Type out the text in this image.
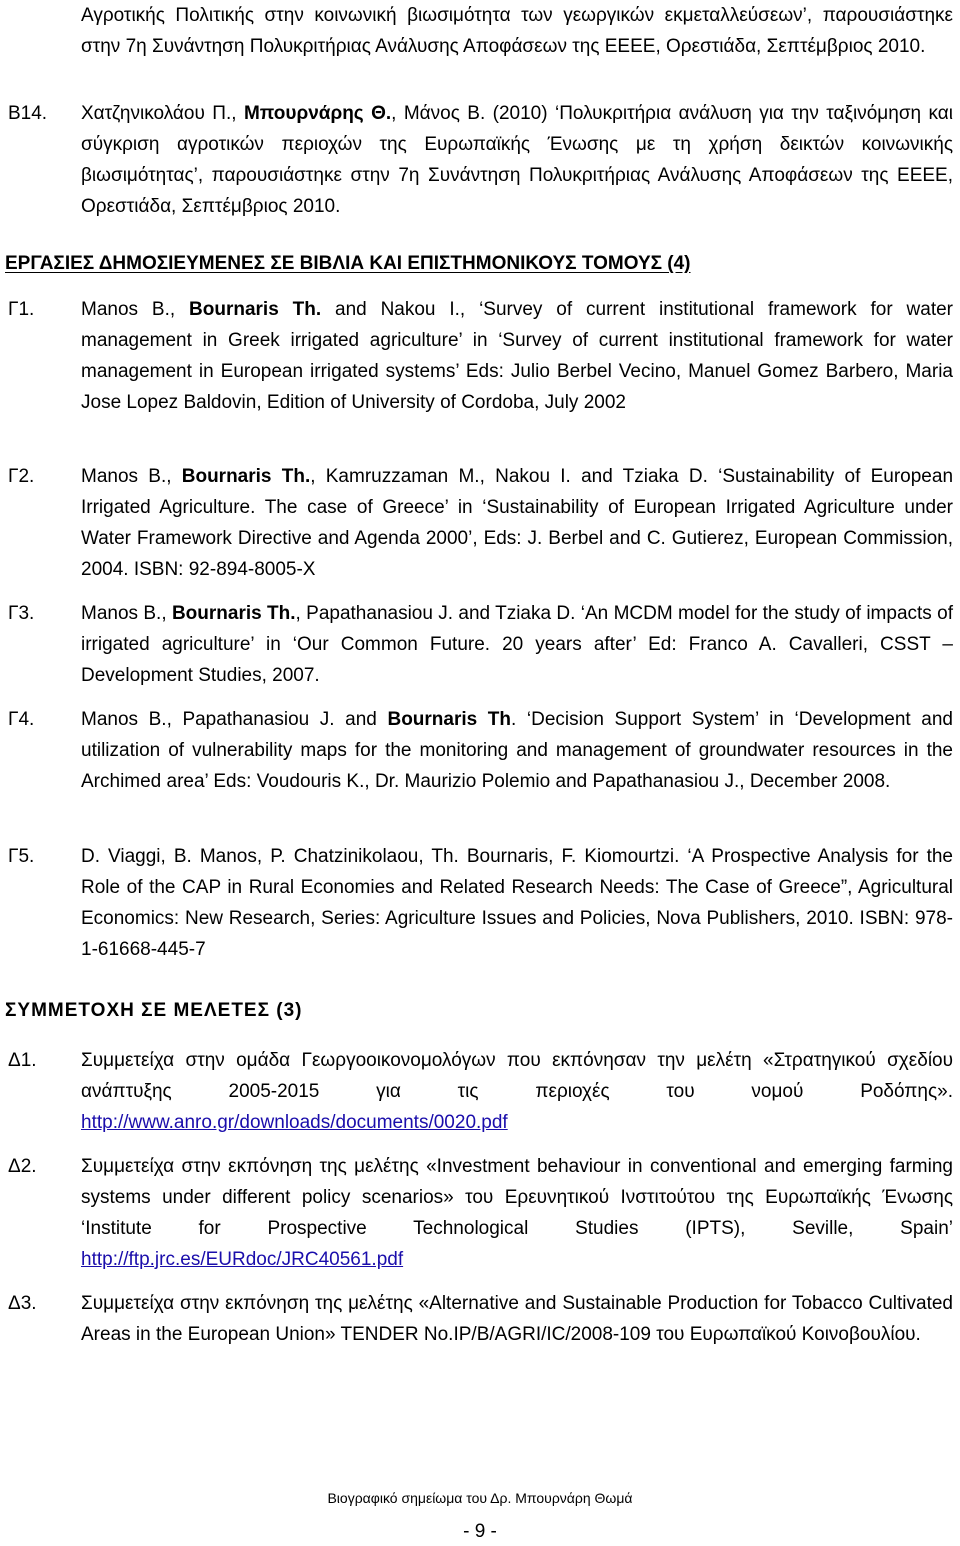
Αγροτικής Πολιτικής στην κοινωνική βιωσιμότητα των γεωργικών εκμεταλλεύσεων’, παρουσιάστηκε στην 7η Συνάντηση Πολυκριτήριας Ανάλυσης Αποφάσεων της ΕΕΕΕ, Ορεστιάδα, Σεπτέμβριος 2010.
Β14. Χατζηνικολάου Π., Μπουρνάρης Θ., Μάνος Β. (2010) ‘Πολυκριτήρια ανάλυση για την ταξινόμηση και σύγκριση αγροτικών περιοχών της Ευρωπαϊκής Ένωσης με τη χρήση δεικτών κοινωνικής βιωσιμότητας’, παρουσιάστηκε στην 7η Συνάντηση Πολυκριτήριας Ανάλυσης Αποφάσεων της ΕΕΕΕ, Ορεστιάδα, Σεπτέμβριος 2010.
ΕΡΓΑΣΙΕΣ ΔΗΜΟΣΙΕΥΜΕΝΕΣ ΣΕ ΒΙΒΛΙΑ ΚΑΙ ΕΠΙΣΤΗΜΟΝΙΚΟΥΣ ΤΟΜΟΥΣ (4)
Γ1. Manos B., Bournaris Th. and Nakou I., ‘Survey of current institutional framework for water management in Greek irrigated agriculture’ in ‘Survey of current institutional framework for water management in European irrigated systems’ Eds: Julio Berbel Vecino, Manuel Gomez Barbero, Maria Jose Lopez Baldovin, Edition of University of Cordoba, July 2002
Γ2. Manos B., Bournaris Th., Kamruzzaman M., Nakou I. and Tziaka D. ‘Sustainability of European Irrigated Agriculture. The case of Greece’ in ‘Sustainability of European Irrigated Agriculture under Water Framework Directive and Agenda 2000’, Eds: J. Berbel and C. Gutierez, European Commission, 2004. ISBN: 92-894-8005-X
Γ3. Manos B., Bournaris Th., Papathanasiou J. and Tziaka D. ‘An MCDM model for the study of impacts of irrigated agriculture’ in ‘Our Common Future. 20 years after’ Ed: Franco A. Cavalleri, CSST – Development Studies, 2007.
Γ4. Manos B., Papathanasiou J. and Bournaris Th. ‘Decision Support System’ in ‘Development and utilization of vulnerability maps for the monitoring and management of groundwater resources in the Archimed area’ Eds: Voudouris K., Dr. Maurizio Polemio and Papathanasiou J., December 2008.
Γ5. D. Viaggi, B. Manos, P. Chatzinikolaou, Th. Bournaris, F. Kiomourtzi. ‘A Prospective Analysis for the Role of the CAP in Rural Economies and Related Research Needs: The Case of Greece”, Agricultural Economics: New Research, Series: Agriculture Issues and Policies, Nova Publishers, 2010. ISBN: 978-1-61668-445-7
ΣΥΜΜΕΤΟΧΗ ΣΕ ΜΕΛΕΤΕΣ (3)
Δ1. Συμμετείχα στην ομάδα Γεωργοοικονομολόγων που εκπόνησαν την μελέτη «Στρατηγικού σχεδίου ανάπτυξης 2005-2015 για τις περιοχές του νομού Ροδόπης». http://www.anro.gr/downloads/documents/0020.pdf
Δ2. Συμμετείχα στην εκπόνηση της μελέτης «Investment behaviour in conventional and emerging farming systems under different policy scenarios» του Ερευνητικού Ινστιτούτου της Ευρωπαϊκής Ένωσης ‘Institute for Prospective Technological Studies (IPTS), Seville, Spain’ http://ftp.jrc.es/EURdoc/JRC40561.pdf
Δ3. Συμμετείχα στην εκπόνηση της μελέτης «Alternative and Sustainable Production for Tobacco Cultivated Areas in the European Union» TENDER No.IP/B/AGRI/IC/2008-109 του Ευρωπαϊκού Κοινοβουλίου.
Βιογραφικό σημείωμα του Δρ. Μπουρνάρη Θωμά
- 9 -
